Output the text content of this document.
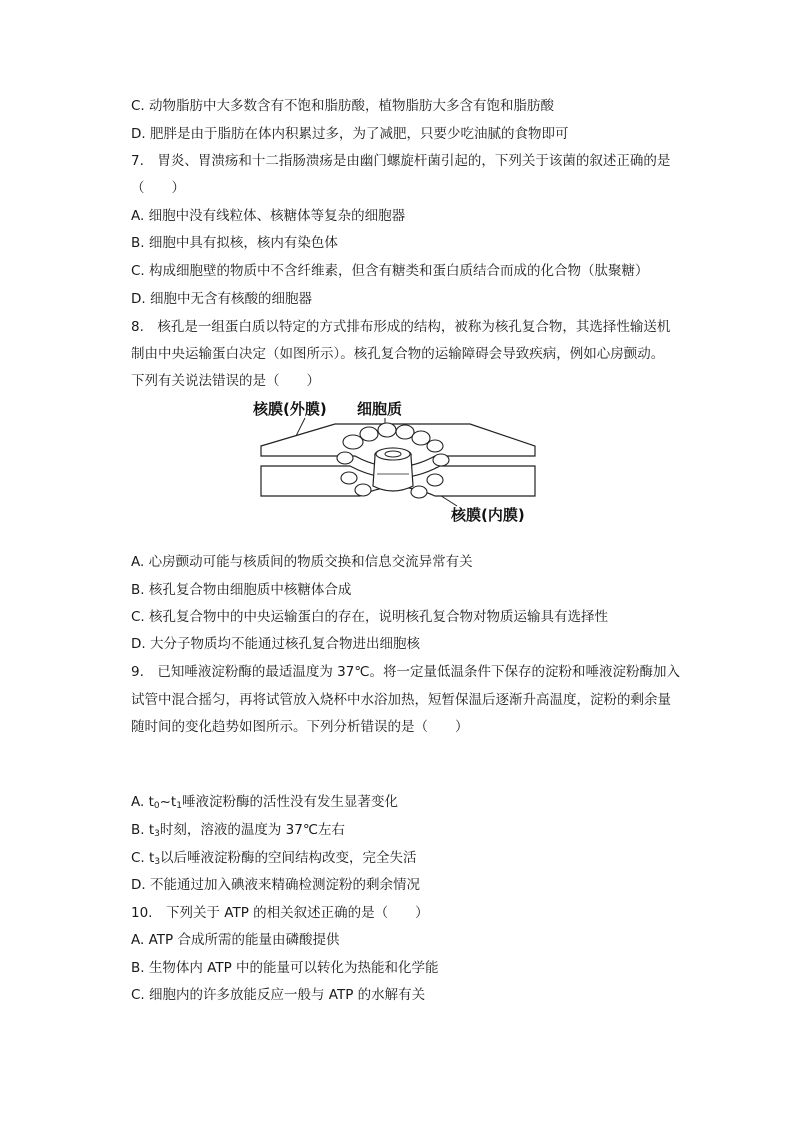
C. 动物脂肪中大多数含有不饱和脂肪酸，植物脂肪大多含有饱和脂肪酸
D. 肥胖是由于脂肪在体内积累过多，为了减肥，只要少吃油腻的食物即可
7.　胃炎、胃溃疡和十二指肠溃疡是由幽门螺旋杆菌引起的，下列关于该菌的叙述正确的是
（　　）
A. 细胞中没有线粒体、核糖体等复杂的细胞器
B. 细胞中具有拟核，核内有染色体
C. 构成细胞壁的物质中不含纤维素，但含有糖类和蛋白质结合而成的化合物（肽聚糖）
D. 细胞中无含有核酸的细胞器
8.　核孔是一组蛋白质以特定的方式排布形成的结构，被称为核孔复合物，其选择性输送机
制由中央运输蛋白决定（如图所示）。核孔复合物的运输障碍会导致疾病，例如心房颤动。
下列有关说法错误的是（　　）
核膜(外膜) 细胞质
核膜(内膜)
A. 心房颤动可能与核质间的物质交换和信息交流异常有关
B. 核孔复合物由细胞质中核糖体合成
C. 核孔复合物中的中央运输蛋白的存在，说明核孔复合物对物质运输具有选择性
D. 大分子物质均不能通过核孔复合物进出细胞核
9.　已知唾液淀粉酶的最适温度为 37℃。将一定量低温条件下保存的淀粉和唾液淀粉酶加入
试管中混合摇匀，再将试管放入烧杯中水浴加热，短暂保温后逐渐升高温度，淀粉的剩余量
随时间的变化趋势如图所示。下列分析错误的是（　　）
A. $t_0\sim t_1$唾液淀粉酶的活性没有发生显著变化
B. $t_3$时刻，溶液的温度为 37℃左右
C. $t_3$以后唾液淀粉酶的空间结构改变，完全失活
D. 不能通过加入碘液来精确检测淀粉的剩余情况
10.　下列关于 ATP 的相关叙述正确的是（　　）
A. ATP 合成所需的能量由磷酸提供
B. 生物体内 ATP 中的能量可以转化为热能和化学能
C. 细胞内的许多放能反应一般与 ATP 的水解有关
